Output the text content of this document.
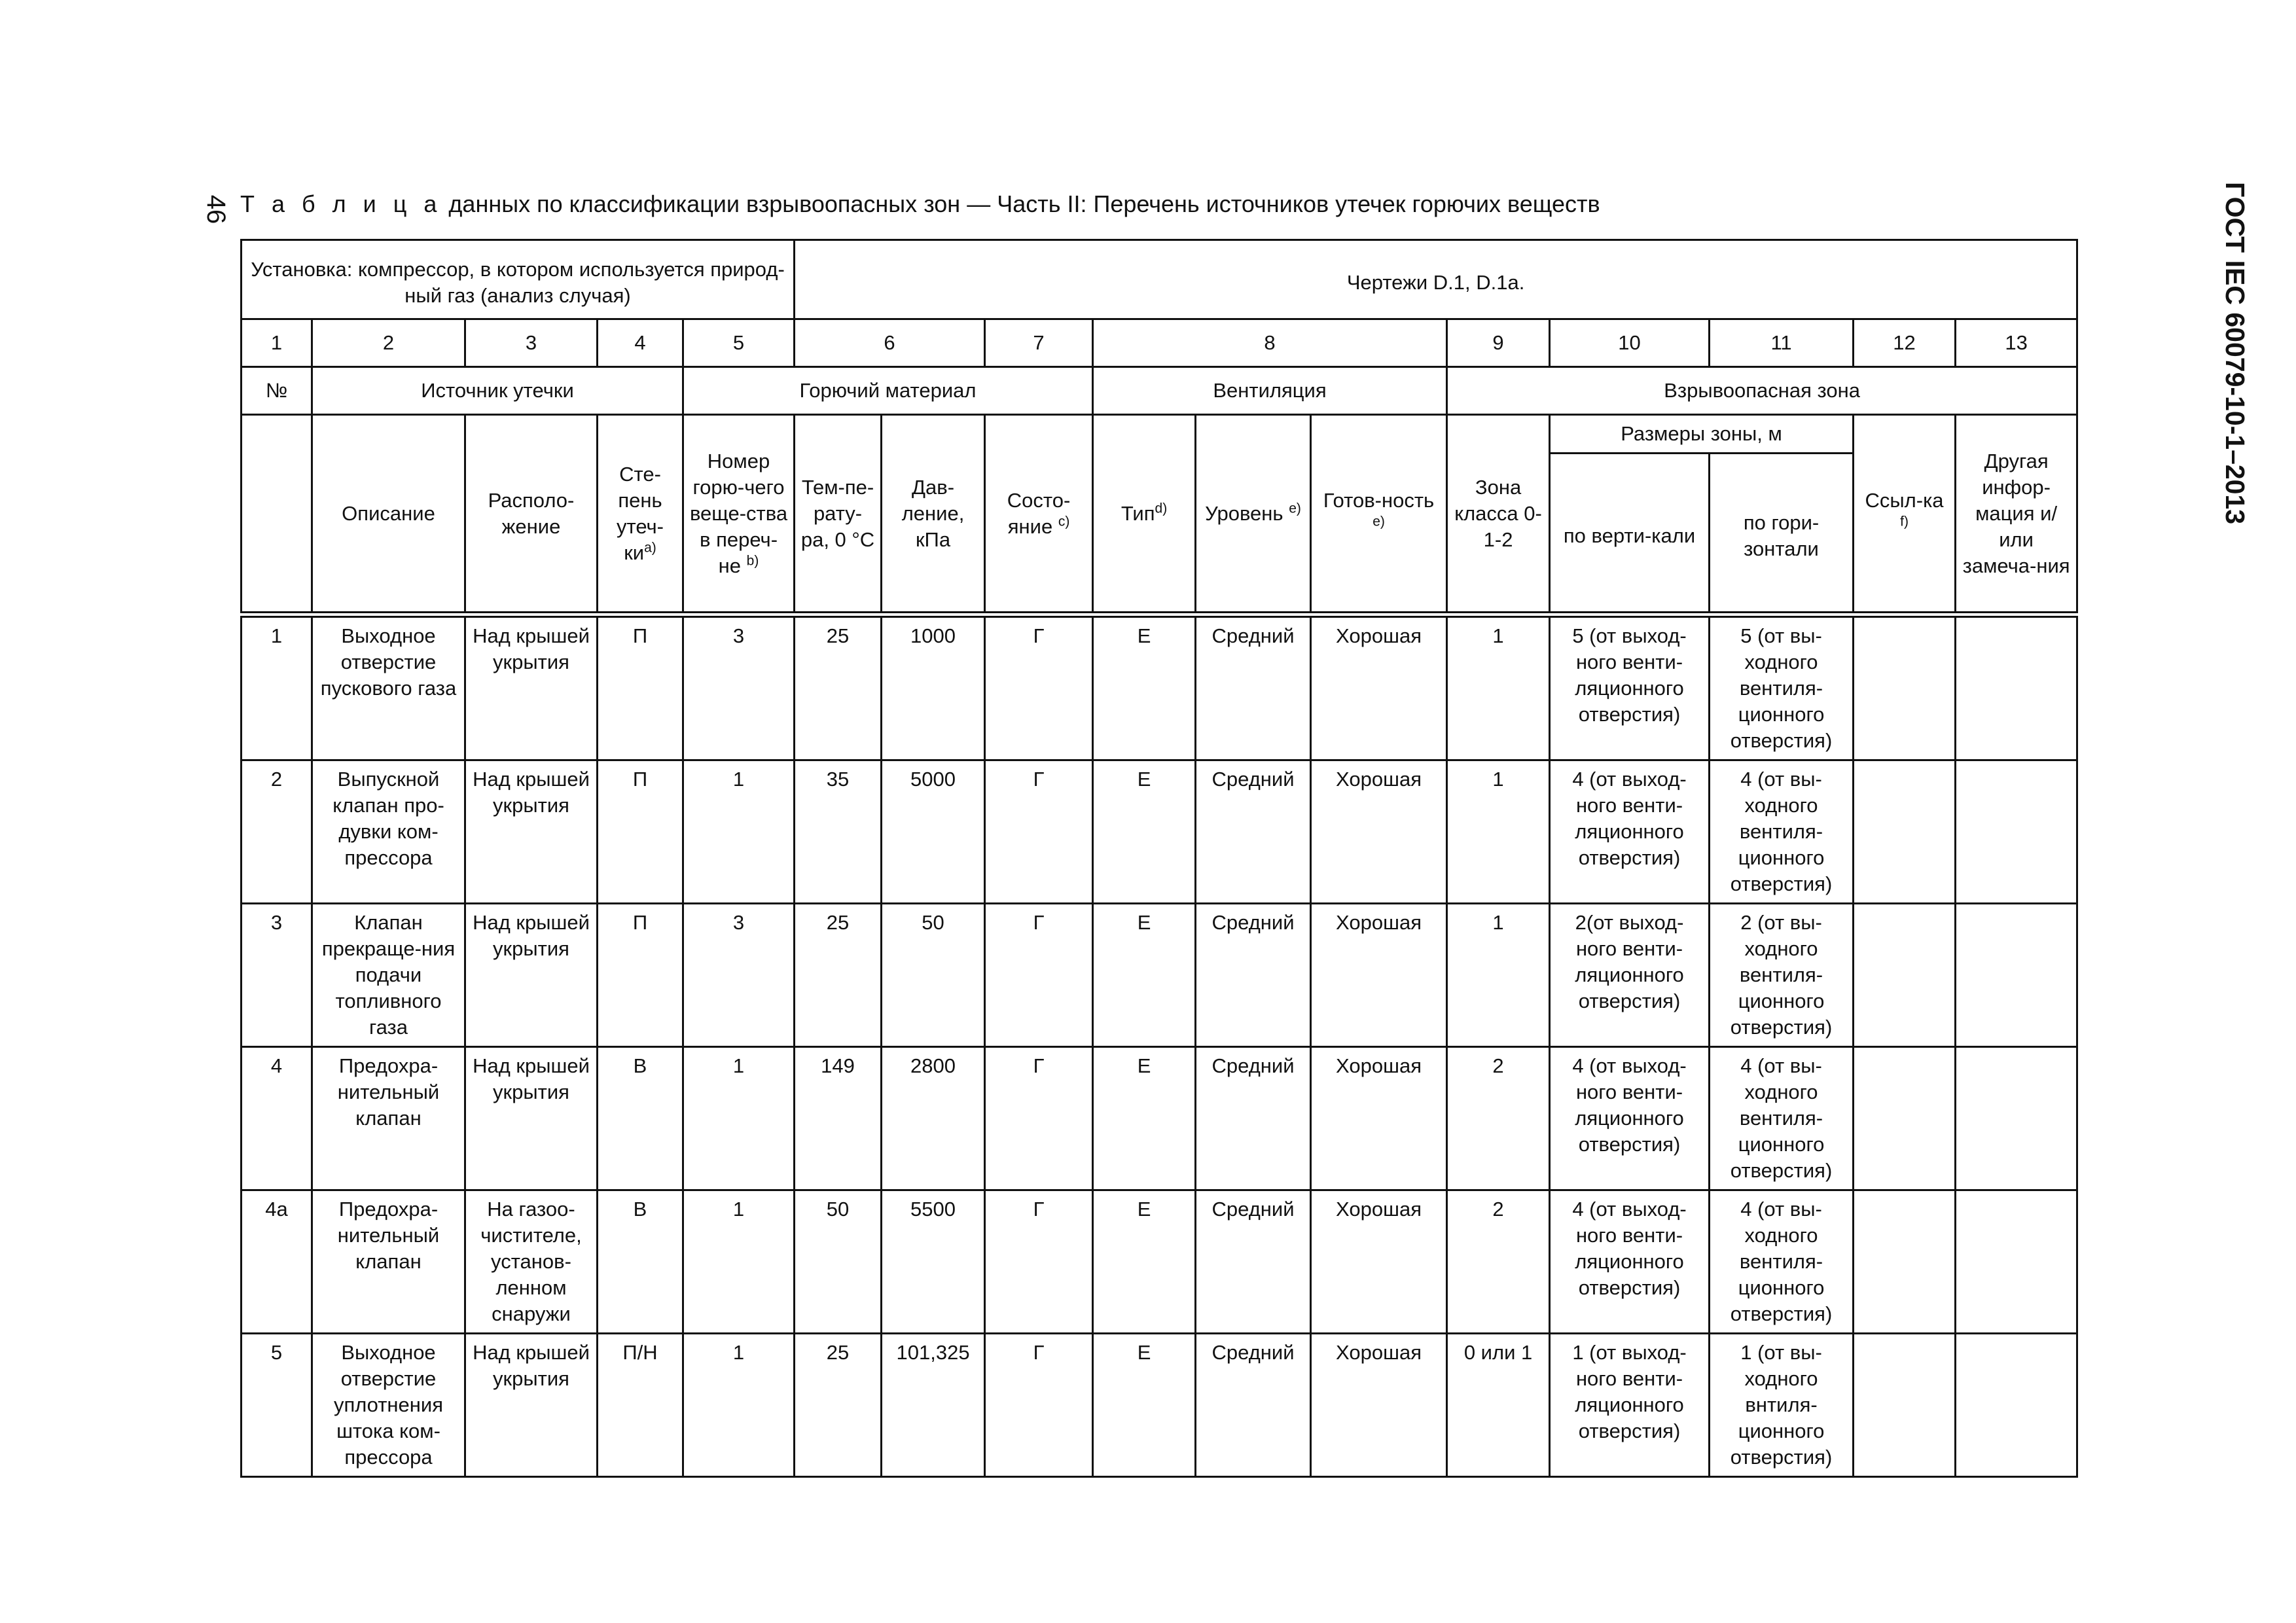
46	ГОСТ IEC 60079-10-1–2013
Т а б л и ц а данных по классификации взрывоопасных зон — Часть II: Перечень источников утечек горючих веществ
Установка: компрессор, в котором используется природ-ный газ (анализ случая)					Чертежи D.1, D.1a.										
1	2	3	4	5	6		7	8			9	10	11	12	13
№	Источник утечки			Горючий материал				Вентиляция			Взрывоопасная зона				
	Описание	Располо-жение	Сте-пень утеч-$ки^{a)}$	Номер горю-чего веще-ства в переч-не $^{b)}$	Тем-пе-рату-ра, 0 °С	Дав-ление, кПа	Состо-яние $^{c)}$	Тип$^{d)}$	Уровень $^{e)}$	Готов-ность $^{e)}$	Зона класса 0-1-2	Размеры зоны, м		Ссыл-ка $^{f)}$	Другая инфор-мация и/или замеча-ния
												по верти-кали	по гори-зонтали		
1	Выходное отверстие пускового газа	Над крышей укрытия	П	3	25	1000	Г	Е	Средний	Хорошая	1	5 (от выход-ного венти-ляционного отверстия)	5 (от вы-ходного вентиля-ционного отверстия)		
2	Выпускной клапан про-дувки ком-прессора	Над крышей укрытия	П	1	35	5000	Г	Е	Средний	Хорошая	1	4 (от выход-ного венти-ляционного отверстия)	4 (от вы-ходного вентиля-ционного отверстия)		
3	Клапан прекраще-ния подачи топливного газа	Над крышей укрытия	П	3	25	50	Г	Е	Средний	Хорошая	1	2(от выход-ного венти-ляционного отверстия)	2 (от вы-ходного вентиля-ционного отверстия)		
4	Предохра-нительный клапан	Над крышей укрытия	В	1	149	2800	Г	Е	Средний	Хорошая	2	4 (от выход-ного венти-ляционного отверстия)	4 (от вы-ходного вентиля-ционного отверстия)		
4а	Предохра-нительный клапан	На газоо-чистителе, установ-ленном снаружи	В	1	50	5500	Г	Е	Средний	Хорошая	2	4 (от выход-ного венти-ляционного отверстия)	4 (от вы-ходного вентиля-ционного отверстия)		
5	Выходное отверстие уплотнения штока ком-прессора	Над крышей укрытия	П/Н	1	25	101,325	Г	Е	Средний	Хорошая	0 или 1	1 (от выход-ного венти-ляционного отверстия)	1 (от вы-ходного внтиля-ционного отверстия)		
